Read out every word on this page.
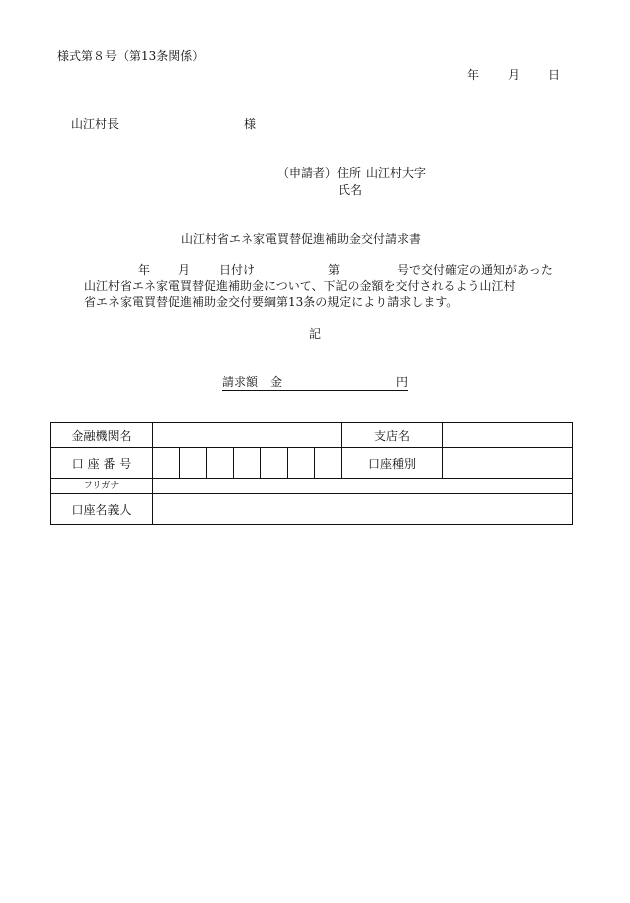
様式第８号（第13条関係）
年 月 日
山江村長	様
（申請者）住所 山江村大字
氏名
山江村省エネ家電買替促進補助金交付請求書
年 月 日付け	第	号で交付確定の通知があった
山江村省エネ家電買替促進補助金について、下記の金額を交付されるよう山江村
省エネ家電買替促進補助金交付要綱第13条の規定により請求します。
記
請求額　金	円
金融機関名								支店名	
口 座 番 号								口座種別	
フリガナ									
口座名義人									
